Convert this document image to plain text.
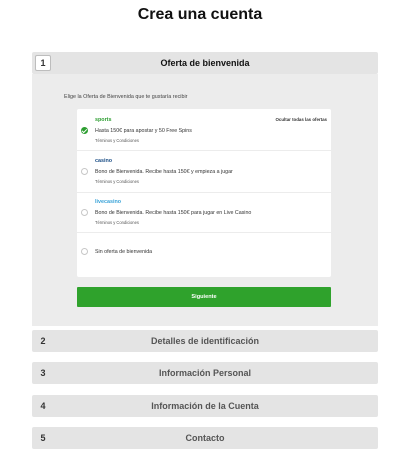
Crea una cuenta
Oferta de bienvenida
1
Elige la Oferta de Bienvenida que te gustaría recibir
Ocultar todas las ofertas
sports
Hasta 150€ para apostar y 50 Free Spins
Términos y Condiciones
casino
Bono de Bienvenida. Recibe hasta 150€ y empieza a jugar
Términos y Condiciones
livecasino
Bono de Bienvenida. Recibe hasta 150€ para jugar en Live Casino
Términos y Condiciones
Sin oferta de bienvenida
Siguiente
Detalles de identificación
2
Información Personal
3
Información de la Cuenta
4
Contacto
5
